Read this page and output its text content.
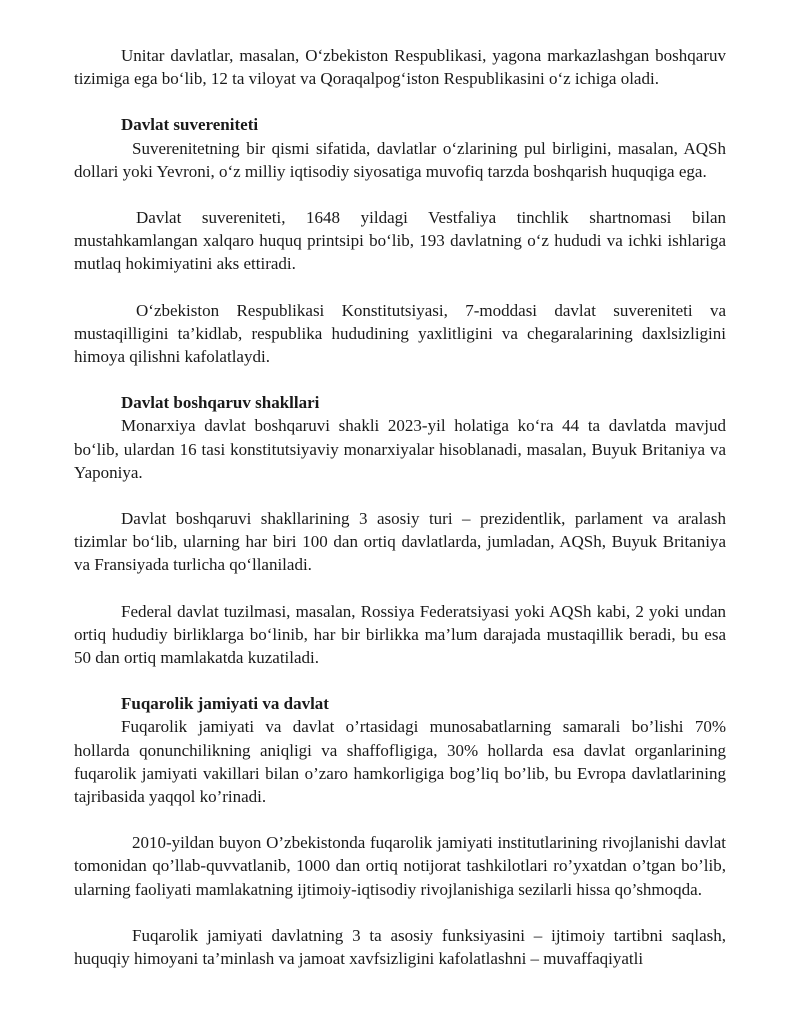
Unitar davlatlar, masalan, O‘zbekiston Respublikasi, yagona markazlashgan boshqaruv tizimiga ega bo‘lib, 12 ta viloyat va Qoraqalpog‘iston Respublikasini o‘z ichiga oladi.

Davlat suvereniteti

Suverenitetning bir qismi sifatida, davlatlar o‘zlarining pul birligini, masalan, AQSh dollari yoki Yevroni, o‘z milliy iqtisodiy siyosatiga muvofiq tarzda boshqarish huquqiga ega.

Davlat suvereniteti, 1648 yildagi Vestfaliya tinchlik shartnomasi bilan mustahkamlangan xalqaro huquq printsipi bo‘lib, 193 davlatning o‘z hududi va ichki ishlariga mutlaq hokimiyatini aks ettiradi.

O‘zbekiston Respublikasi Konstitutsiyasi, 7-moddasi davlat suvereniteti va mustaqilligini ta’kidlab, respublika hududining yaxlitligini va chegaralarining daxlsizligini himoya qilishni kafolatlaydi.

Davlat boshqaruv shakllari

Monarxiya davlat boshqaruvi shakli 2023-yil holatiga ko‘ra 44 ta davlatda mavjud bo‘lib, ulardan 16 tasi konstitutsiyaviy monarxiyalar hisoblanadi, masalan, Buyuk Britaniya va Yaponiya.

Davlat boshqaruvi shakllarining 3 asosiy turi – prezidentlik, parlament va aralash tizimlar bo‘lib, ularning har biri 100 dan ortiq davlatlarda, jumladan, AQSh, Buyuk Britaniya va Fransiyada turlicha qo‘llaniladi.

Federal davlat tuzilmasi, masalan, Rossiya Federatsiyasi yoki AQSh kabi, 2 yoki undan ortiq hududiy birliklarga bo‘linib, har bir birlikka ma’lum darajada mustaqillik beradi, bu esa 50 dan ortiq mamlakatda kuzatiladi.

Fuqarolik jamiyati va davlat

Fuqarolik jamiyati va davlat o’rtasidagi munosabatlarning samarali bo’lishi 70% hollarda qonunchilikning aniqligi va shaffofligiga, 30% hollarda esa davlat organlarining fuqarolik jamiyati vakillari bilan o’zaro hamkorligiga bog’liq bo’lib, bu Evropa davlatlarining tajribasida yaqqol ko’rinadi.

2010-yildan buyon O’zbekistonda fuqarolik jamiyati institutlarining rivojlanishi davlat tomonidan qo’llab-quvvatlanib, 1000 dan ortiq notijorat tashkilotlari ro’yxatdan o’tgan bo’lib, ularning faoliyati mamlakatning ijtimoiy-iqtisodiy rivojlanishiga sezilarli hissa qo’shmoqda.

Fuqarolik jamiyati davlatning 3 ta asosiy funksiyasini – ijtimoiy tartibni saqlash, huquqiy himoyani ta’minlash va jamoat xavfsizligini kafolatlashni – muvaffaqiyatli
